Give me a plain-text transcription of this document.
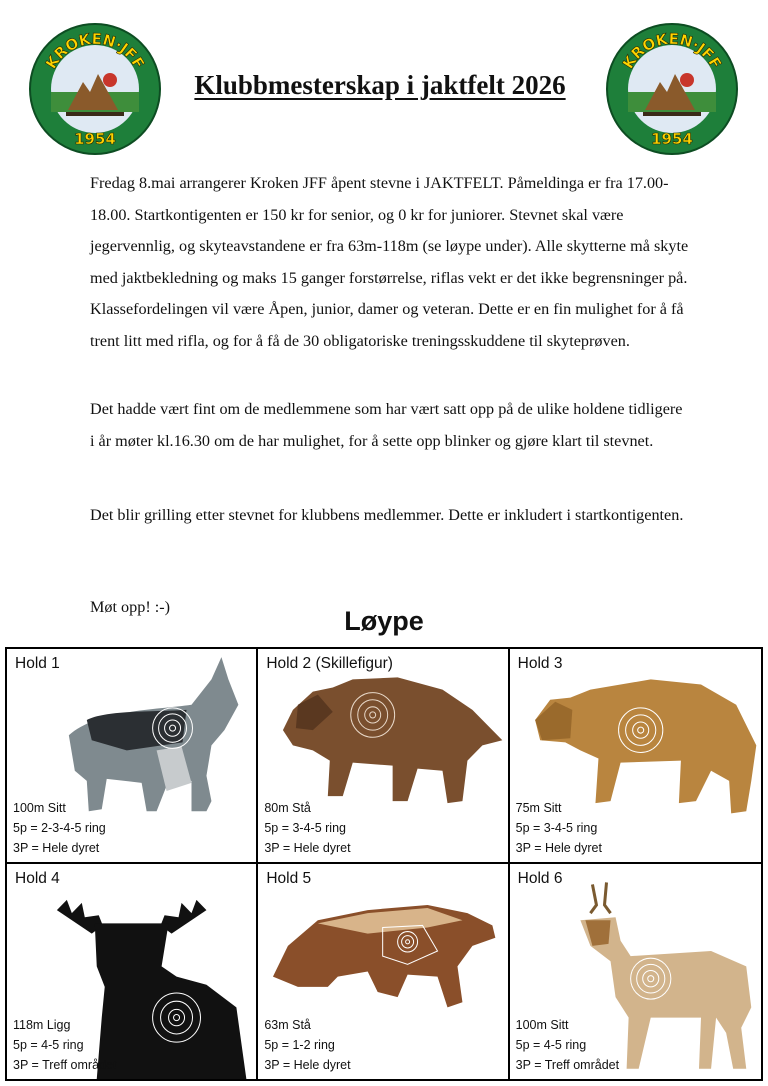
KROKEN·JFF
1954
KROKEN·JFF
1954
Klubbmesterskap i jaktfelt 2026

Fredag 8.mai arrangerer Kroken JFF åpent stevne i JAKTFELT. Påmeldinga er fra 17.00-18.00. Startkontigenten er 150 kr for senior, og 0 kr for juniorer. Stevnet skal være jegervennlig, og skyteavstandene er fra 63m-118m (se løype under). Alle skytterne må skyte med jaktbekledning og maks 15 ganger forstørrelse, riflas vekt er det ikke begrensninger på. Klassefordelingen vil være Åpen, junior, damer og veteran. Dette er en fin mulighet for å få trent litt med rifla, og for å få de 30 obligatoriske treningsskuddene til skyteprøven.

Det hadde vært fint om de medlemmene som har vært satt opp på de ulike holdene tidligere i år møter kl.16.30 om de har mulighet, for å sette opp blinker og gjøre klart til stevnet.

Det blir grilling etter stevnet for klubbens medlemmer. Dette er inkludert i startkontigenten.

Møt opp! :-)	Løype
Hold 1
100m Sitt
5p = 2-3-4-5 ring
3P = Hele dyret
Hold 2 (Skillefigur)
80m Stå
5p = 3-4-5 ring
3P = Hele dyret
Hold 3
75m Sitt
5p = 3-4-5 ring
3P = Hele dyret
Hold 4
118m Ligg
5p = 4-5 ring
3P = Treff området
Hold 5
63m Stå
5p = 1-2 ring
3P = Hele dyret
Hold 6
100m Sitt
5p = 4-5 ring
3P = Treff området
